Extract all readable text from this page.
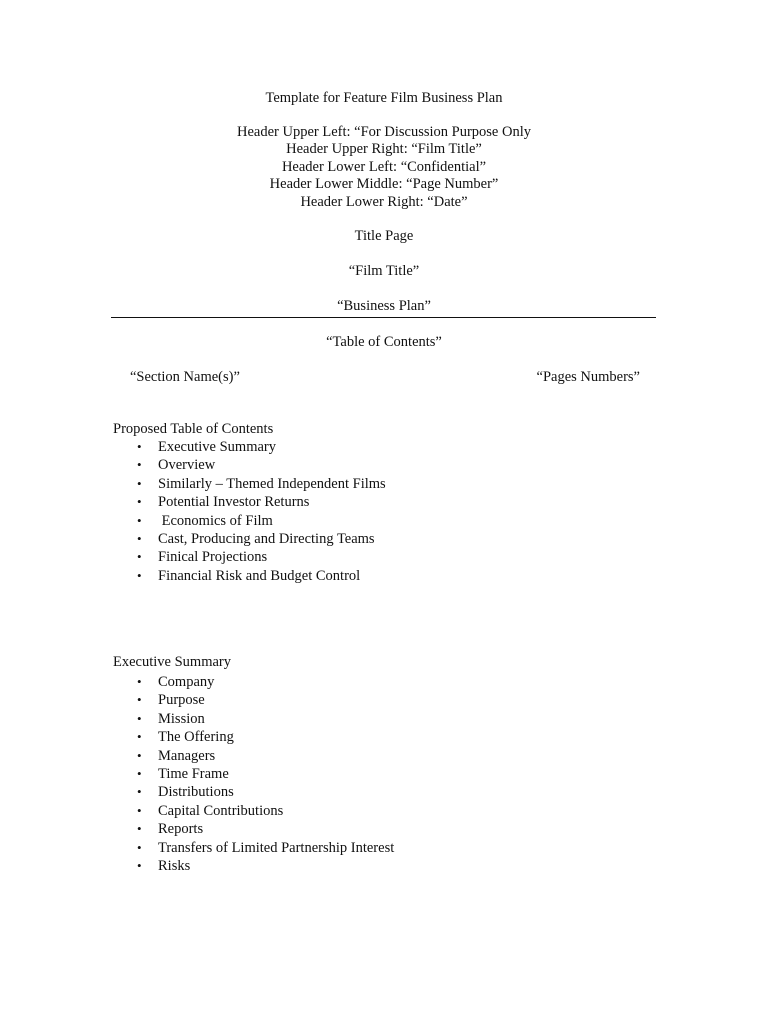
Template for Feature Film Business Plan
Header Upper Left: “For Discussion Purpose Only
Header Upper Right: “Film Title”
Header Lower Left: “Confidential”
Header Lower Middle: “Page Number”
Header Lower Right: “Date”
Title Page
“Film Title”
“Business Plan”
“Table of Contents”
“Section Name(s)”	“Pages Numbers”
Proposed Table of Contents
• Executive Summary
• Overview
• Similarly – Themed Independent Films
• Potential Investor Returns
• Economics of Film
• Cast, Producing and Directing Teams
• Finical Projections
• Financial Risk and Budget Control
Executive Summary
• Company
• Purpose
• Mission
• The Offering
• Managers
• Time Frame
• Distributions
• Capital Contributions
• Reports
• Transfers of Limited Partnership Interest
• Risks
